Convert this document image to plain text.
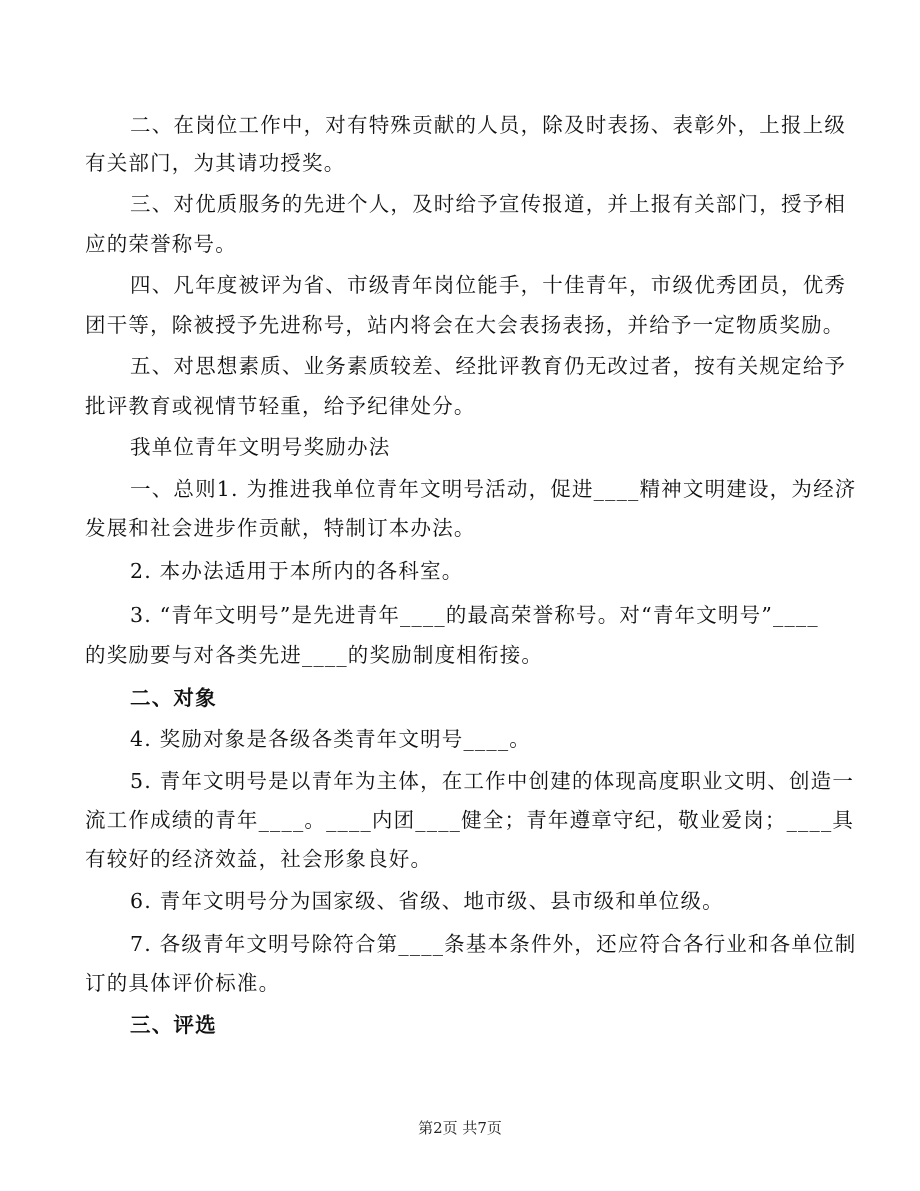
二、在岗位工作中，对有特殊贡献的人员，除及时表扬、表彰外，上报上级
有关部门，为其请功授奖。
三、对优质服务的先进个人，及时给予宣传报道，并上报有关部门，授予相
应的荣誉称号。
四、凡年度被评为省、市级青年岗位能手，十佳青年，市级优秀团员，优秀
团干等，除被授予先进称号，站内将会在大会表扬表扬，并给予一定物质奖励。
五、对思想素质、业务素质较差、经批评教育仍无改过者，按有关规定给予
批评教育或视情节轻重，给予纪律处分。
我单位青年文明号奖励办法
一、总则1. 为推进我单位青年文明号活动，促进____精神文明建设，为经济
发展和社会进步作贡献，特制订本办法。
2. 本办法适用于本所内的各科室。
3. “青年文明号”是先进青年____的最高荣誉称号。对“青年文明号”____
的奖励要与对各类先进____的奖励制度相衔接。
二、对象
4. 奖励对象是各级各类青年文明号____。
5. 青年文明号是以青年为主体，在工作中创建的体现高度职业文明、创造一
流工作成绩的青年____。____内团____健全；青年遵章守纪，敬业爱岗；____具
有较好的经济效益，社会形象良好。
6. 青年文明号分为国家级、省级、地市级、县市级和单位级。
7. 各级青年文明号除符合第____条基本条件外，还应符合各行业和各单位制
订的具体评价标准。
三、评选
第2页 共7页
